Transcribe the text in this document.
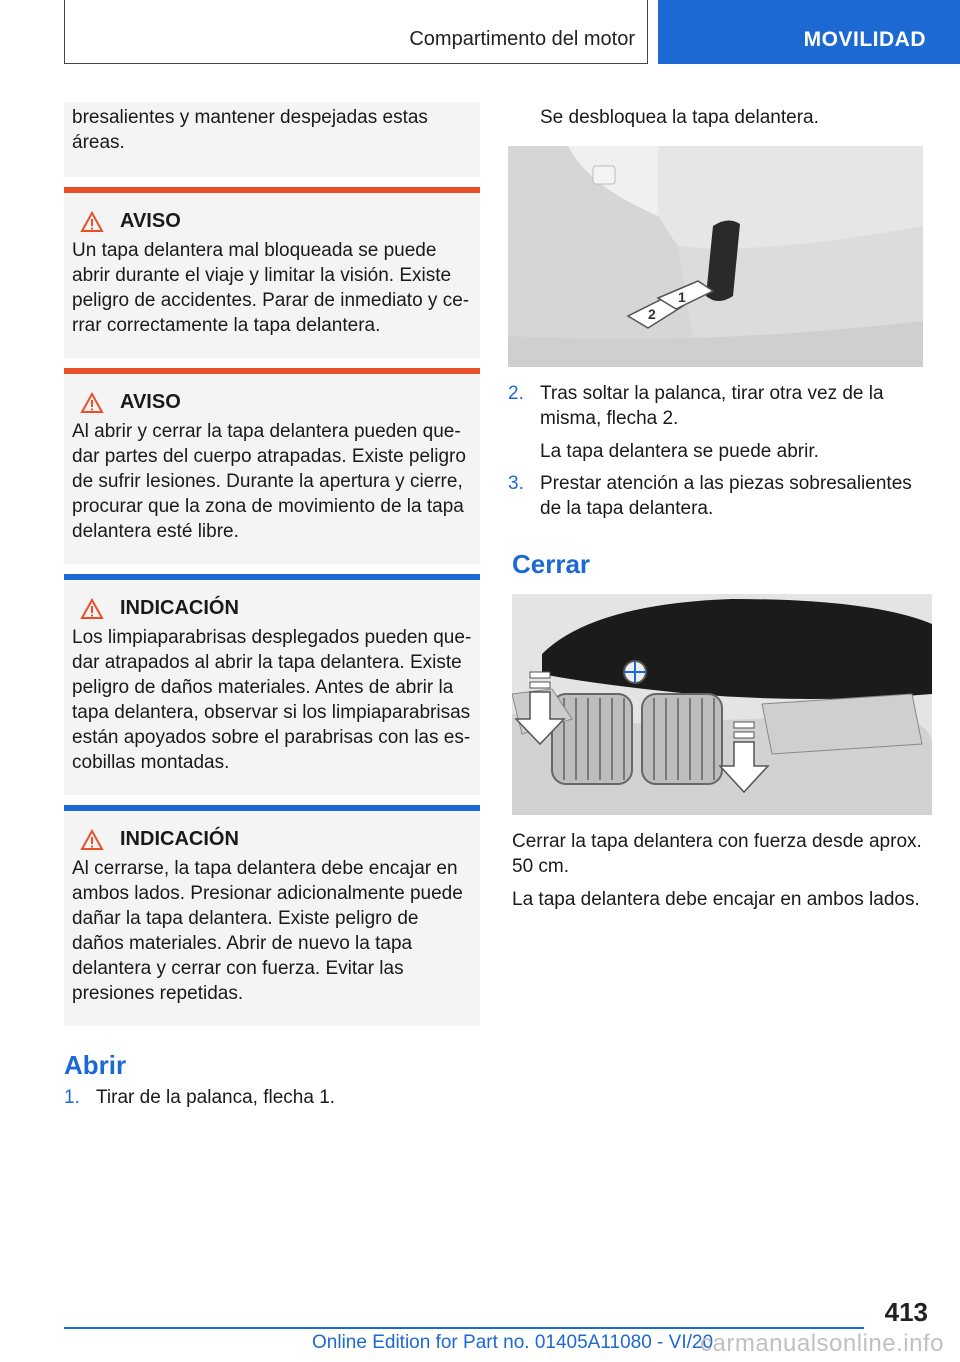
Compartimento del motor	MOVILIDAD

bresalientes y mantener despejadas estas áreas.

AVISO

Un tapa delantera mal bloqueada se puede abrir durante el viaje y limitar la visión. Existe peligro de accidentes. Parar de inmediato y ce-rrar correctamente la tapa delantera.

AVISO

Al abrir y cerrar la tapa delantera pueden que-dar partes del cuerpo atrapadas. Existe peligro de sufrir lesiones. Durante la apertura y cierre, procurar que la zona de movimiento de la tapa delantera esté libre.

INDICACIÓN

Los limpiaparabrisas desplegados pueden que-dar atrapados al abrir la tapa delantera. Existe peligro de daños materiales. Antes de abrir la tapa delantera, observar si los limpiaparabrisas están apoyados sobre el parabrisas con las es-cobillas montadas.

INDICACIÓN

Al cerrarse, la tapa delantera debe encajar en ambos lados. Presionar adicionalmente puede dañar la tapa delantera. Existe peligro de daños materiales. Abrir de nuevo la tapa delantera y cerrar con fuerza. Evitar las presiones repetidas.

Abrir
1. Tirar de la palanca, flecha 1.

Se desbloquea la tapa delantera.

2
1
2. Tras soltar la palanca, tirar otra vez de la misma, flecha 2.

La tapa delantera se puede abrir.

3. Prestar atención a las piezas sobresalientes de la tapa delantera.
Cerrar

Cerrar la tapa delantera con fuerza desde aprox. 50 cm.

La tapa delantera debe encajar en ambos lados.

413
Online Edition for Part no. 01405A11080 - VI/20
carmanualsonline.info
